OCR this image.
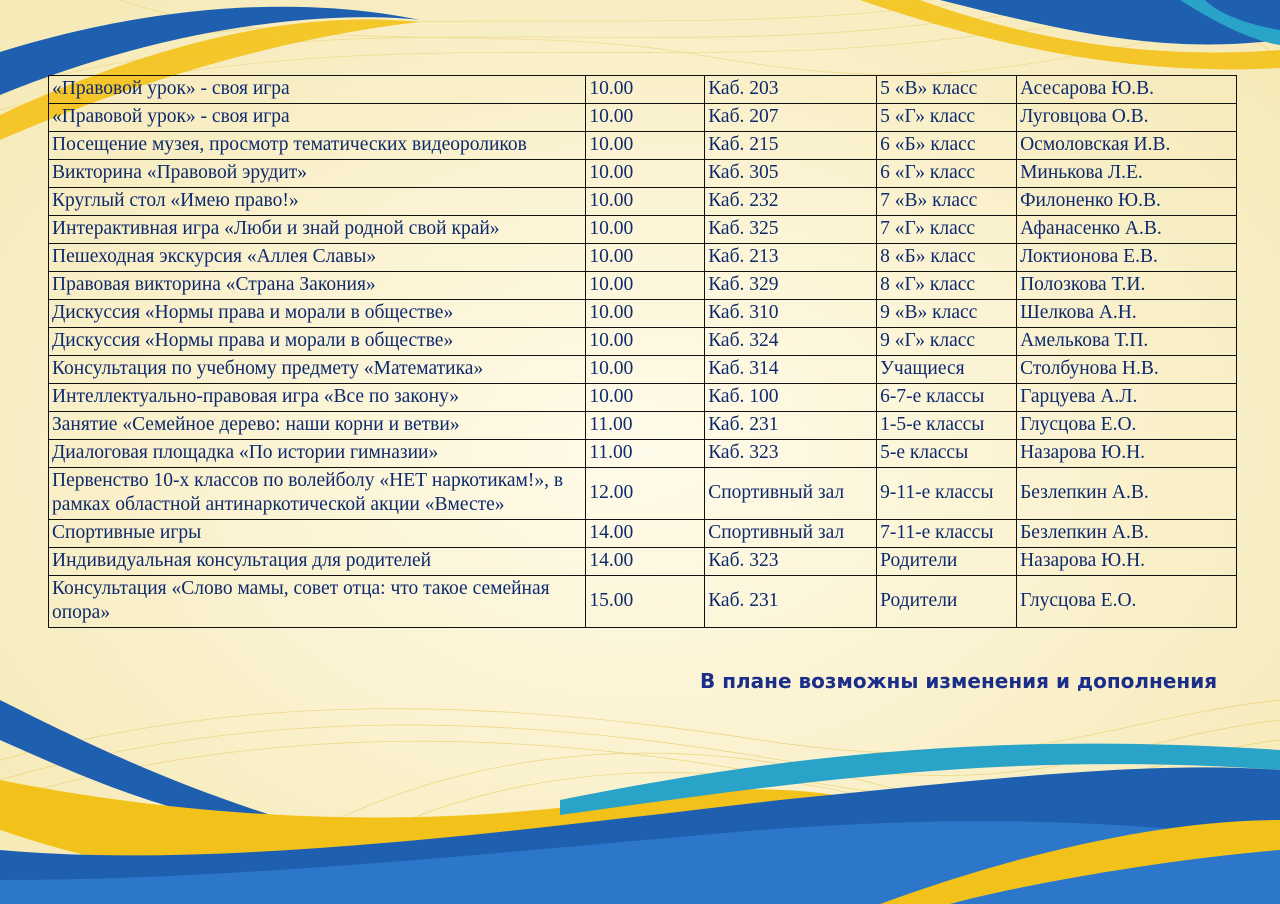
«Правовой урок» - своя игра	10.00	Каб. 203	5 «В» класс	Асесарова Ю.В.
«Правовой урок» - своя игра	10.00	Каб. 207	5 «Г» класс	Луговцова О.В.
Посещение музея, просмотр тематических видеороликов	10.00	Каб. 215	6 «Б» класс	Осмоловская И.В.
Викторина «Правовой эрудит»	10.00	Каб. 305	6 «Г» класс	Минькова Л.Е.
Круглый стол «Имею право!»	10.00	Каб. 232	7 «В» класс	Филоненко Ю.В.
Интерактивная игра «Люби и знай родной свой край»	10.00	Каб. 325	7 «Г» класс	Афанасенко А.В.
Пешеходная экскурсия «Аллея Славы»	10.00	Каб. 213	8 «Б» класс	Локтионова Е.В.
Правовая викторина «Страна Закония»	10.00	Каб. 329	8 «Г» класс	Полозкова Т.И.
Дискуссия «Нормы права и морали в обществе»	10.00	Каб. 310	9 «В» класс	Шелкова А.Н.
Дискуссия «Нормы права и морали в обществе»	10.00	Каб. 324	9 «Г» класс	Амелькова Т.П.
Консультация по учебному предмету «Математика»	10.00	Каб. 314	Учащиеся	Столбунова Н.В.
Интеллектуально-правовая игра «Все по закону»	10.00	Каб. 100	6-7-е классы	Гарцуева А.Л.
Занятие «Семейное дерево: наши корни и ветви»	11.00	Каб. 231	1-5-е классы	Глусцова Е.О.
Диалоговая площадка «По истории гимназии»	11.00	Каб. 323	5-е классы	Назарова Ю.Н.
Первенство 10-х классов по волейболу «НЕТ наркотикам!», в рамках областной антинаркотической акции «Вместе»	12.00	Спортивный зал	9-11-е классы	Безлепкин А.В.
Спортивные игры	14.00	Спортивный зал	7-11-е классы	Безлепкин А.В.
Индивидуальная консультация для родителей	14.00	Каб. 323	Родители	Назарова Ю.Н.
Консультация «Слово мамы, совет отца: что такое семейная опора»	15.00	Каб. 231	Родители	Глусцова Е.О.
В плане возможны изменения и дополнения
